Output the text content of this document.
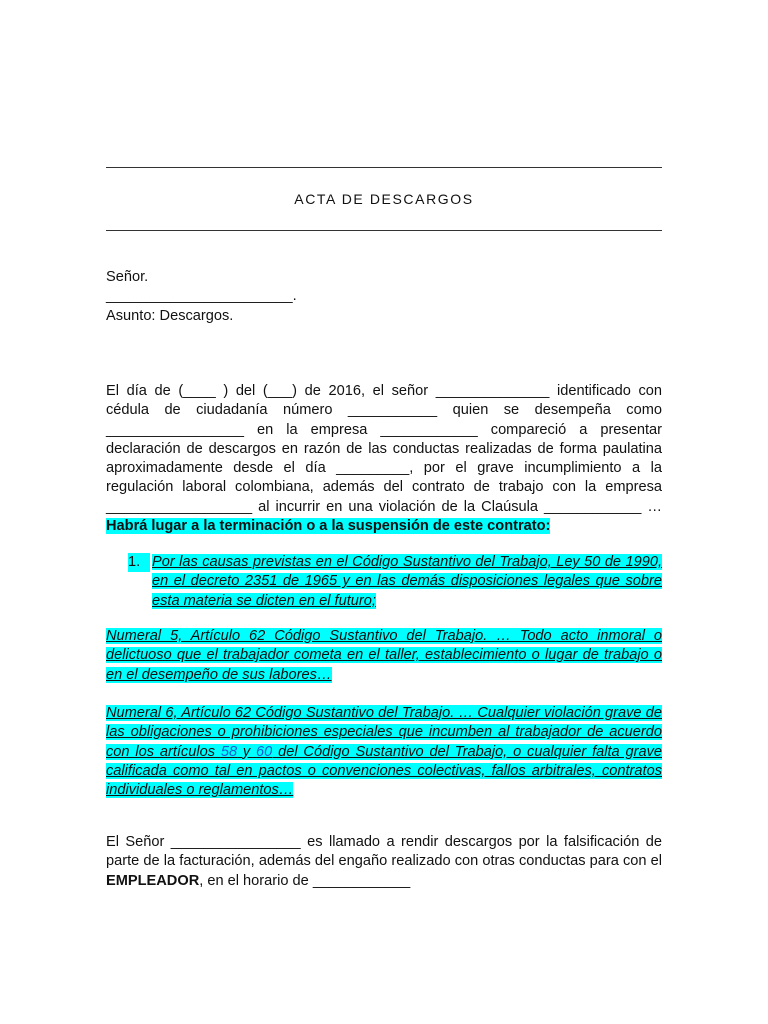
ACTA DE DESCARGOS
Señor.
_______________________.
Asunto: Descargos.

El día de (____ ) del (___) de 2016, el señor ______________ identificado con cédula de ciudadanía número ___________ quien se desempeña como _________________ en la empresa ____________ compareció a presentar declaración de descargos en razón de las conductas realizadas de forma paulatina aproximadamente desde el día _________, por el grave incumplimiento a la regulación laboral colombiana, además del contrato de trabajo con la empresa __________________ al incurrir en una violación de la Claúsula ____________ … Habrá lugar a la terminación o a la suspensión de este contrato:

1. Por las causas previstas en el Código Sustantivo del Trabajo, Ley 50 de 1990, en el decreto 2351 de 1965 y en las demás disposiciones legales que sobre esta materia se dicten en el futuro;

Numeral 5, Artículo 62 Código Sustantivo del Trabajo. … Todo acto inmoral o delictuoso que el trabajador cometa en el taller, establecimiento o lugar de trabajo o en el desempeño de sus labores…

Numeral 6, Artículo 62 Código Sustantivo del Trabajo. … Cualquier violación grave de las obligaciones o prohibiciones especiales que incumben al trabajador de acuerdo con los artículos 58 y 60 del Código Sustantivo del Trabajo, o cualquier falta grave calificada como tal en pactos o convenciones colectivas, fallos arbitrales, contratos individuales o reglamentos…

El Señor ________________ es llamado a rendir descargos por la falsificación de parte de la facturación, además del engaño realizado con otras conductas para con el EMPLEADOR, en el horario de ____________
